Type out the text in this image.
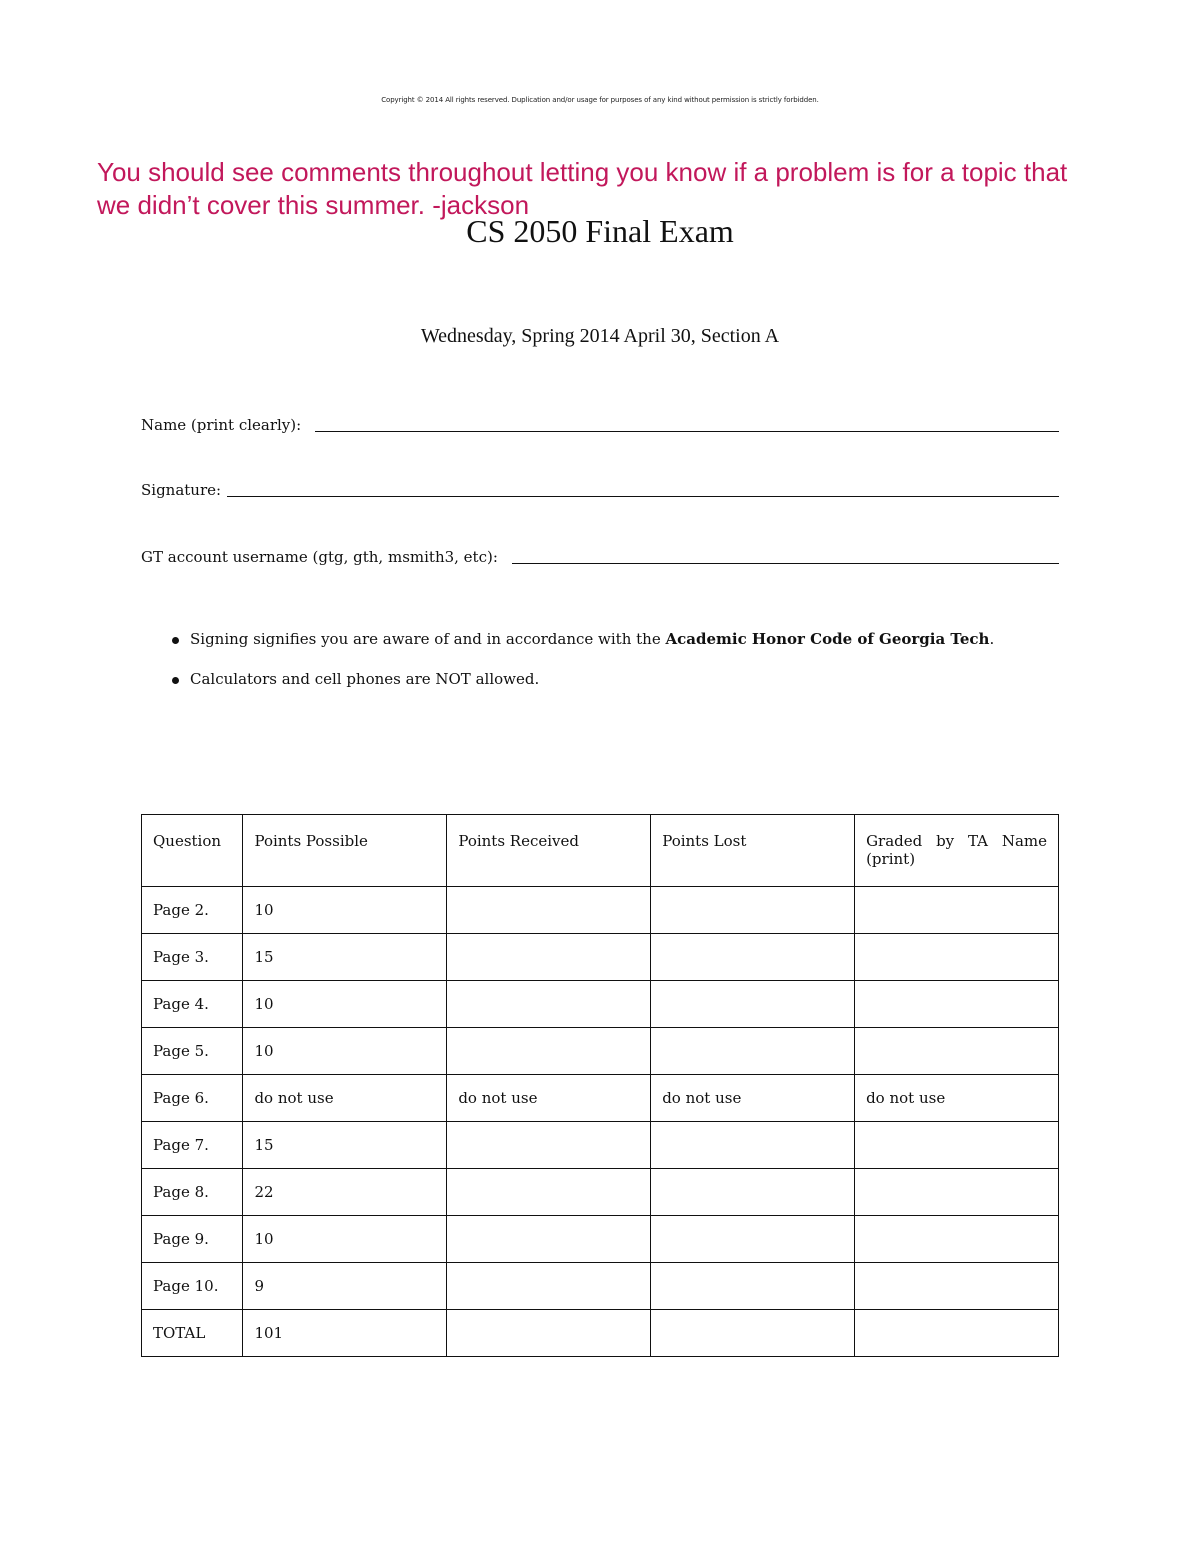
Copyright © 2014 All rights reserved. Duplication and/or usage for purposes of any kind without permission is strictly forbidden.
You should see comments throughout letting you know if a problem is for a topic that we didn’t cover this summer. -jackson
CS 2050 Final Exam
Wednesday, Spring 2014 April 30, Section A
Name (print clearly):
Signature:
GT account username (gtg, gth, msmith3, etc):
Signing signifies you are aware of and in accordance with the Academic Honor Code of Georgia Tech.
Calculators and cell phones are NOT allowed.
Question	Points Possible	Points Received	Points Lost	Graded by TA Name
(print)

Page 2.	10			
Page 3.	15			
Page 4.	10			
Page 5.	10			
Page 6.	do not use	do not use	do not use	do not use
Page 7.	15			
Page 8.	22			
Page 9.	10			
Page 10.	9			
TOTAL	101			
